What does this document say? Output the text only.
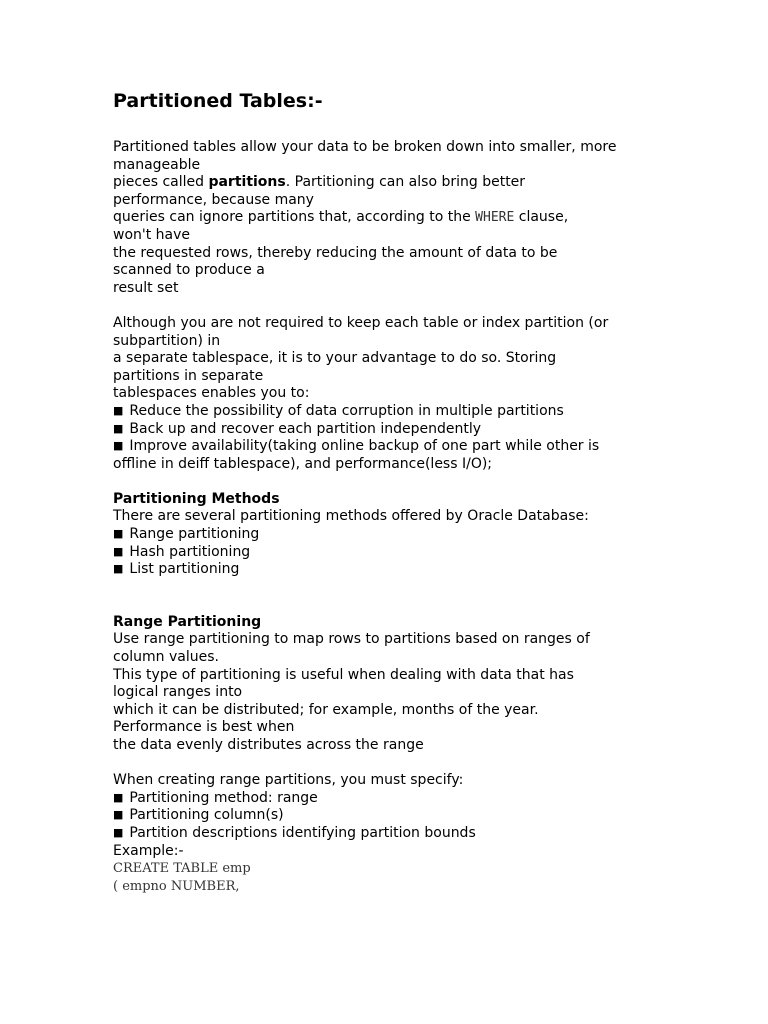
Partitioned Tables:-
Partitioned tables allow your data to be broken down into smaller, more
manageable
pieces called partitions. Partitioning can also bring better
performance, because many
queries can ignore partitions that, according to the WHERE clause,
won't have
the requested rows, thereby reducing the amount of data to be
scanned to produce a
result set
Although you are not required to keep each table or index partition (or
subpartition) in
a separate tablespace, it is to your advantage to do so. Storing
partitions in separate
tablespaces enables you to:
■ Reduce the possibility of data corruption in multiple partitions
■ Back up and recover each partition independently
■ Improve availability(taking online backup of one part while other is
offline in deiff tablespace), and performance(less I/O);
Partitioning Methods
There are several partitioning methods offered by Oracle Database:
■ Range partitioning
■ Hash partitioning
■ List partitioning
Range Partitioning
Use range partitioning to map rows to partitions based on ranges of
column values.
This type of partitioning is useful when dealing with data that has
logical ranges into
which it can be distributed; for example, months of the year.
Performance is best when
the data evenly distributes across the range
When creating range partitions, you must specify:
■ Partitioning method: range
■ Partitioning column(s)
■ Partition descriptions identifying partition bounds
Example:-
CREATE TABLE emp
( empno NUMBER,
